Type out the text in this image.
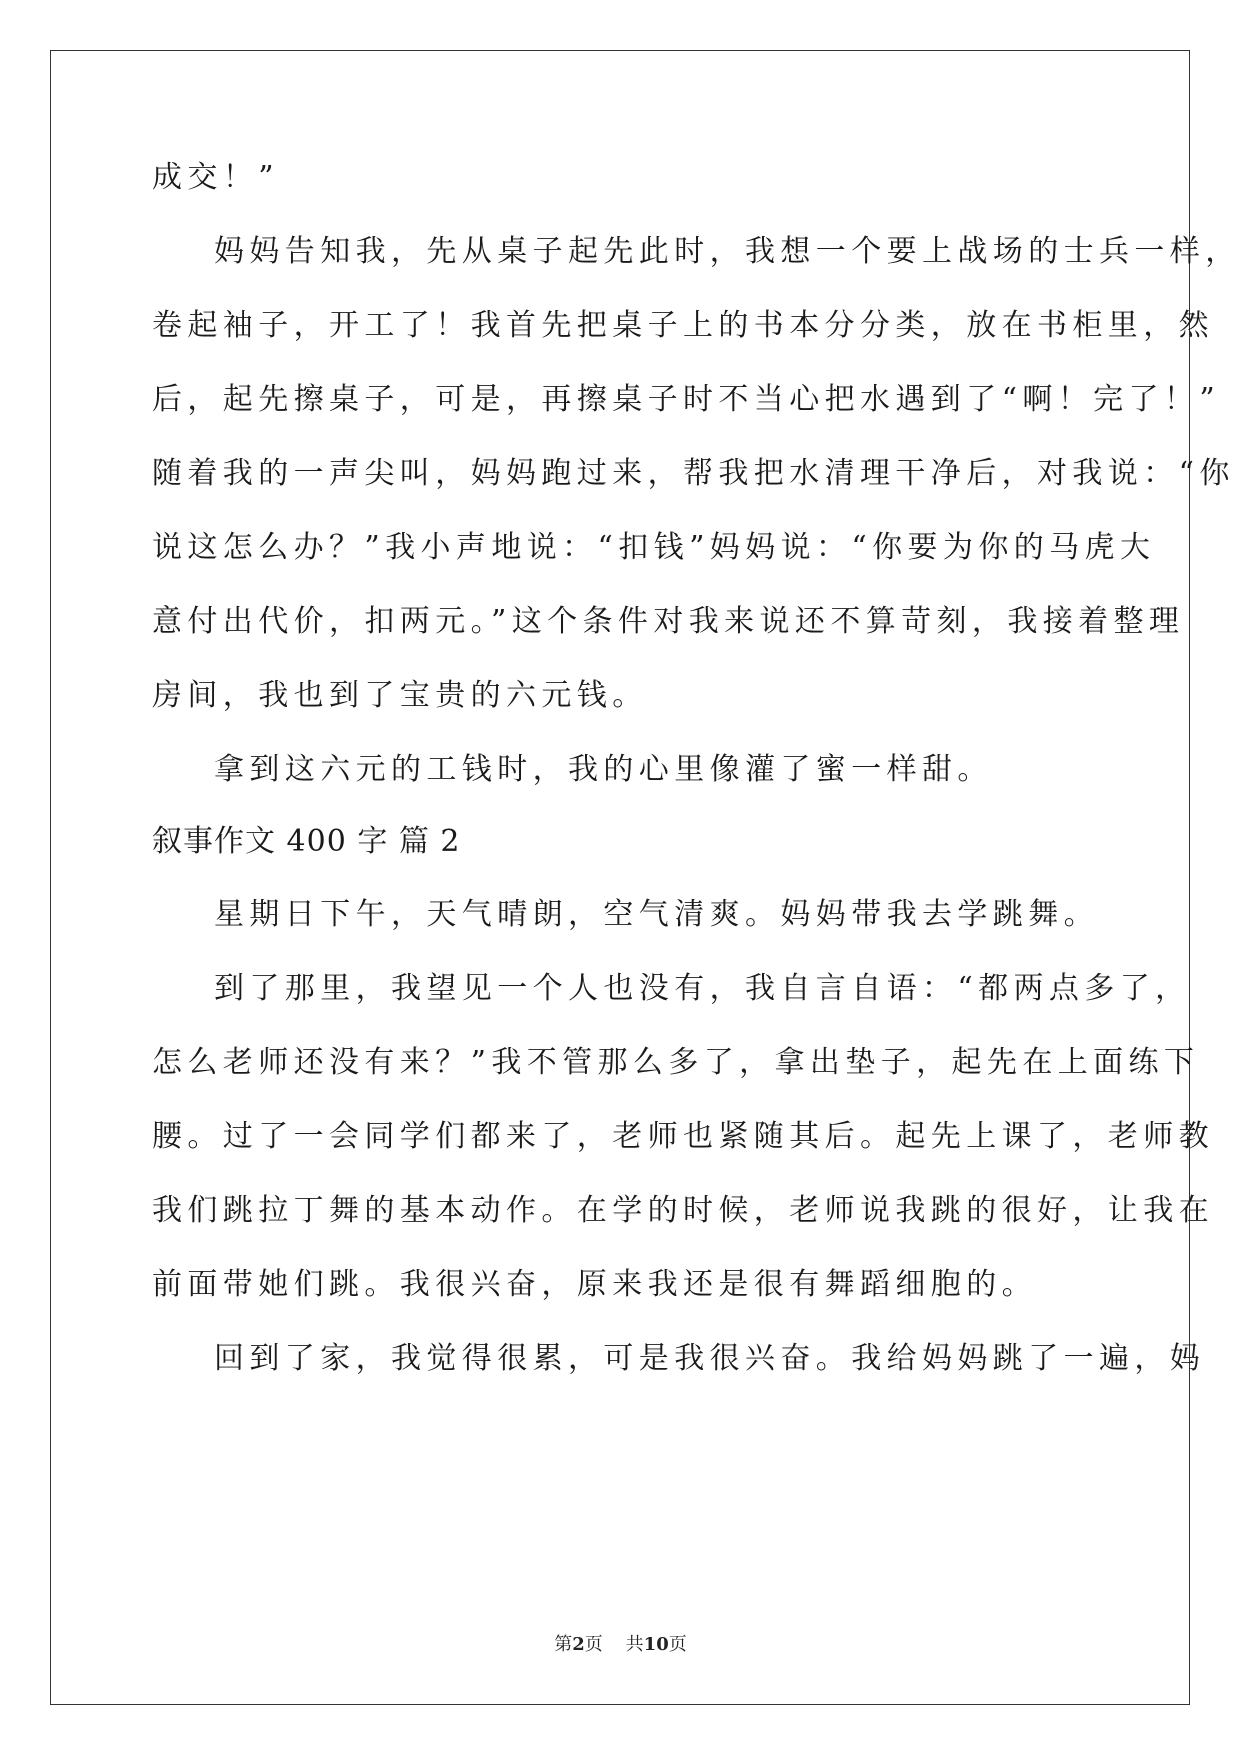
成交！”
妈妈告知我，先从桌子起先此时，我想一个要上战场的士兵一样，
卷起袖子，开工了！我首先把桌子上的书本分分类，放在书柜里，然
后，起先擦桌子，可是，再擦桌子时不当心把水遇到了“啊！完了！”
随着我的一声尖叫，妈妈跑过来，帮我把水清理干净后，对我说：“你
说这怎么办？”我小声地说：“扣钱”妈妈说：“你要为你的马虎大
意付出代价，扣两元。”这个条件对我来说还不算苛刻，我接着整理
房间，我也到了宝贵的六元钱。
拿到这六元的工钱时，我的心里像灌了蜜一样甜。
叙事作文 400 字 篇 2
星期日下午，天气晴朗，空气清爽。妈妈带我去学跳舞。
到了那里，我望见一个人也没有，我自言自语：“都两点多了，
怎么老师还没有来？”我不管那么多了，拿出垫子，起先在上面练下
腰。过了一会同学们都来了，老师也紧随其后。起先上课了，老师教
我们跳拉丁舞的基本动作。在学的时候，老师说我跳的很好，让我在
前面带她们跳。我很兴奋，原来我还是很有舞蹈细胞的。
回到了家，我觉得很累，可是我很兴奋。我给妈妈跳了一遍，妈
第2页 共10页
